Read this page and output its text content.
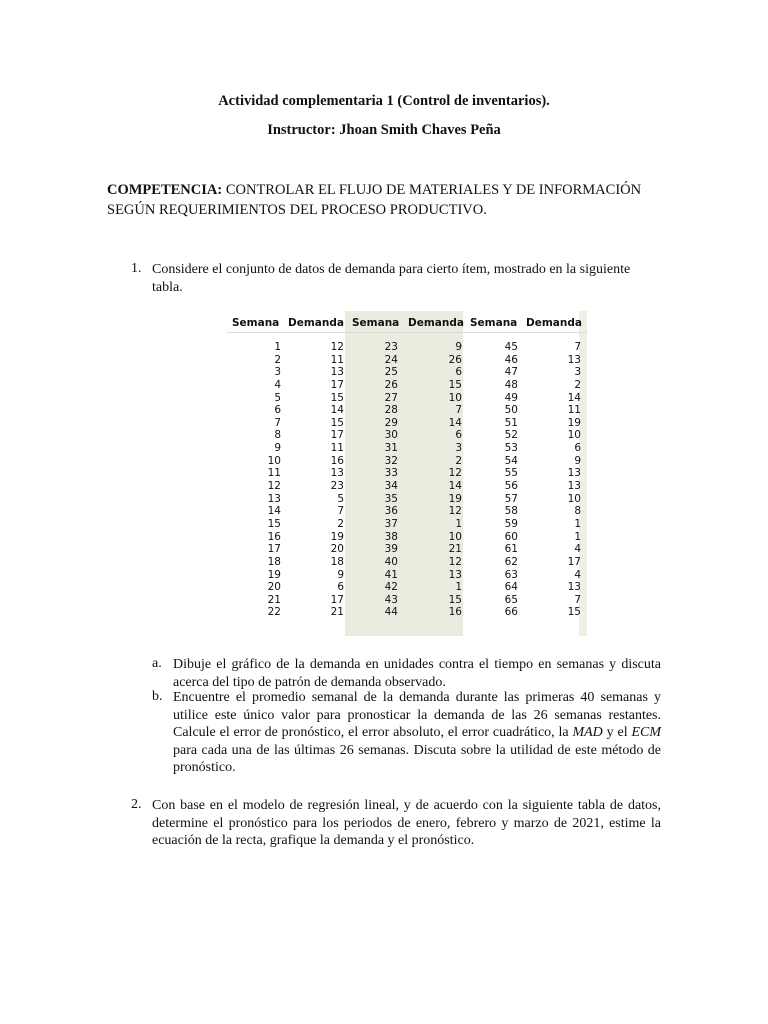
Actividad complementaria 1 (Control de inventarios).
Instructor: Jhoan Smith Chaves Peña
COMPETENCIA: CONTROLAR EL FLUJO DE MATERIALES Y DE INFORMACIÓN SEGÚN REQUERIMIENTOS DEL PROCESO PRODUCTIVO.
1. Considere el conjunto de datos de demanda para cierto ítem, mostrado en la siguiente tabla.
Semana Demanda Semana Demanda Semana Demanda
1
2
3
4
5
6
7
8
9
10
11
12
13
14
15
16
17
18
19
20
21
22
12
11
13
17
15
14
15
17
11
16
13
23
5
7
2
19
20
18
9
6
17
21
23
24
25
26
27
28
29
30
31
32
33
34
35
36
37
38
39
40
41
42
43
44
9
26
6
15
10
7
14
6
3
2
12
14
19
12
1
10
21
12
13
1
15
16
45
46
47
48
49
50
51
52
53
54
55
56
57
58
59
60
61
62
63
64
65
66
7
13
3
2
14
11
19
10
6
9
13
13
10
8
1
1
4
17
4
13
7
15
a. Dibuje el gráfico de la demanda en unidades contra el tiempo en semanas y discuta acerca del tipo de patrón de demanda observado.
b. Encuentre el promedio semanal de la demanda durante las primeras 40 semanas y utilice este único valor para pronosticar la demanda de las 26 semanas restantes. Calcule el error de pronóstico, el error absoluto, el error cuadrático, la MAD y el ECM para cada una de las últimas 26 semanas. Discuta sobre la utilidad de este método de pronóstico.
2. Con base en el modelo de regresión lineal, y de acuerdo con la siguiente tabla de datos, determine el pronóstico para los periodos de enero, febrero y marzo de 2021, estime la ecuación de la recta, grafique la demanda y el pronóstico.
